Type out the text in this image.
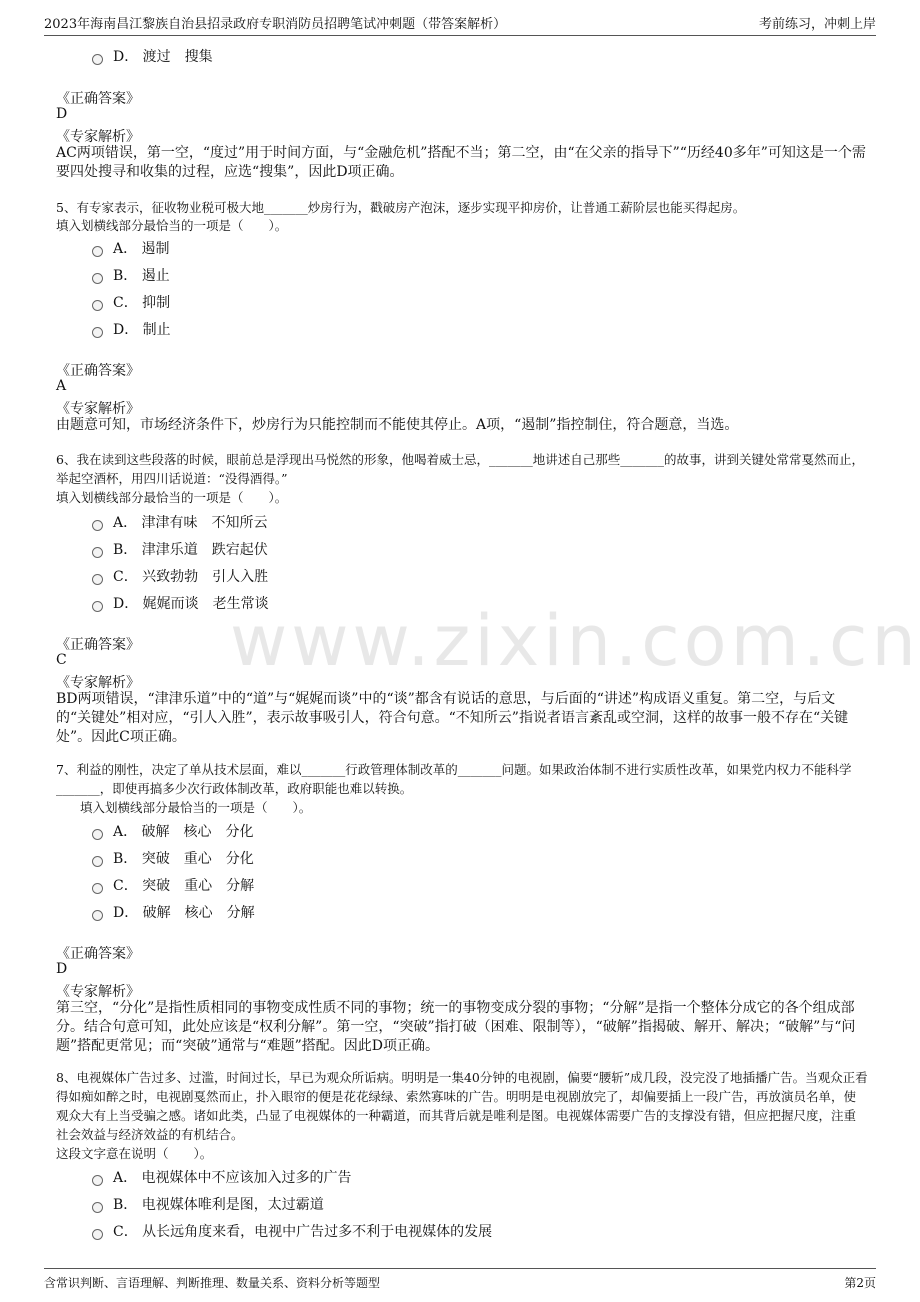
2023年海南昌江黎族自治县招录政府专职消防员招聘笔试冲刺题（带答案解析）	考前练习，冲刺上岸
www.zixin.com.cn
D． 渡过　搜集
《正确答案》
D
《专家解析》
AC两项错误，第一空，“度过”用于时间方面，与“金融危机”搭配不当；第二空，由“在父亲的指导下”“历经40多年”可知这是一个需要四处搜寻和收集的过程，应选“搜集”，因此D项正确。
5、有专家表示，征收物业税可极大地_______炒房行为，戳破房产泡沫，逐步实现平抑房价，让普通工薪阶层也能买得起房。
填入划横线部分最恰当的一项是（　　）。
A． 遏制
B． 遏止
C． 抑制
D． 制止
《正确答案》
A
《专家解析》
由题意可知，市场经济条件下，炒房行为只能控制而不能使其停止。A项，“遏制”指控制住，符合题意，当选。
6、我在读到这些段落的时候，眼前总是浮现出马悦然的形象，他喝着威士忌，_______地讲述自己那些_______的故事，讲到关键处常常戛然而止，举起空酒杯，用四川话说道：“没得酒得。”
填入划横线部分最恰当的一项是（　　）。
A． 津津有味　不知所云
B． 津津乐道　跌宕起伏
C． 兴致勃勃　引人入胜
D． 娓娓而谈　老生常谈
《正确答案》
C
《专家解析》
BD两项错误，“津津乐道”中的“道”与“娓娓而谈”中的“谈”都含有说话的意思，与后面的“讲述”构成语义重复。第二空，与后文的“关键处”相对应，“引人入胜”，表示故事吸引人，符合句意。“不知所云”指说者语言紊乱或空洞，这样的故事一般不存在“关键处”。因此C项正确。
7、利益的刚性，决定了单从技术层面，难以_______行政管理体制改革的_______问题。如果政治体制不进行实质性改革，如果党内权力不能科学_______，即使再搞多少次行政体制改革，政府职能也难以转换。
填入划横线部分最恰当的一项是（　　）。
A． 破解　核心　分化
B． 突破　重心　分化
C． 突破　重心　分解
D． 破解　核心　分解
《正确答案》
D
《专家解析》
第三空，“分化”是指性质相同的事物变成性质不同的事物；统一的事物变成分裂的事物；“分解”是指一个整体分成它的各个组成部分。结合句意可知，此处应该是“权利分解”。第一空，“突破”指打破（困难、限制等），“破解”指揭破、解开、解决；“破解”与“问题”搭配更常见；而“突破”通常与“难题”搭配。因此D项正确。
8、电视媒体广告过多、过滥，时间过长，早已为观众所诟病。明明是一集40分钟的电视剧，偏要“腰斩”成几段，没完没了地插播广告。当观众正看得如痴如醉之时，电视剧戛然而止，扑入眼帘的便是花花绿绿、索然寡味的广告。明明是电视剧放完了，却偏要插上一段广告，再放演员名单，使观众大有上当受骗之感。诸如此类，凸显了电视媒体的一种霸道，而其背后就是唯利是图。电视媒体需要广告的支撑没有错，但应把握尺度，注重社会效益与经济效益的有机结合。
这段文字意在说明（　　）。
A． 电视媒体中不应该加入过多的广告
B． 电视媒体唯利是图，太过霸道
C． 从长远角度来看，电视中广告过多不利于电视媒体的发展
含常识判断、言语理解、判断推理、数量关系、资料分析等题型	第2页
